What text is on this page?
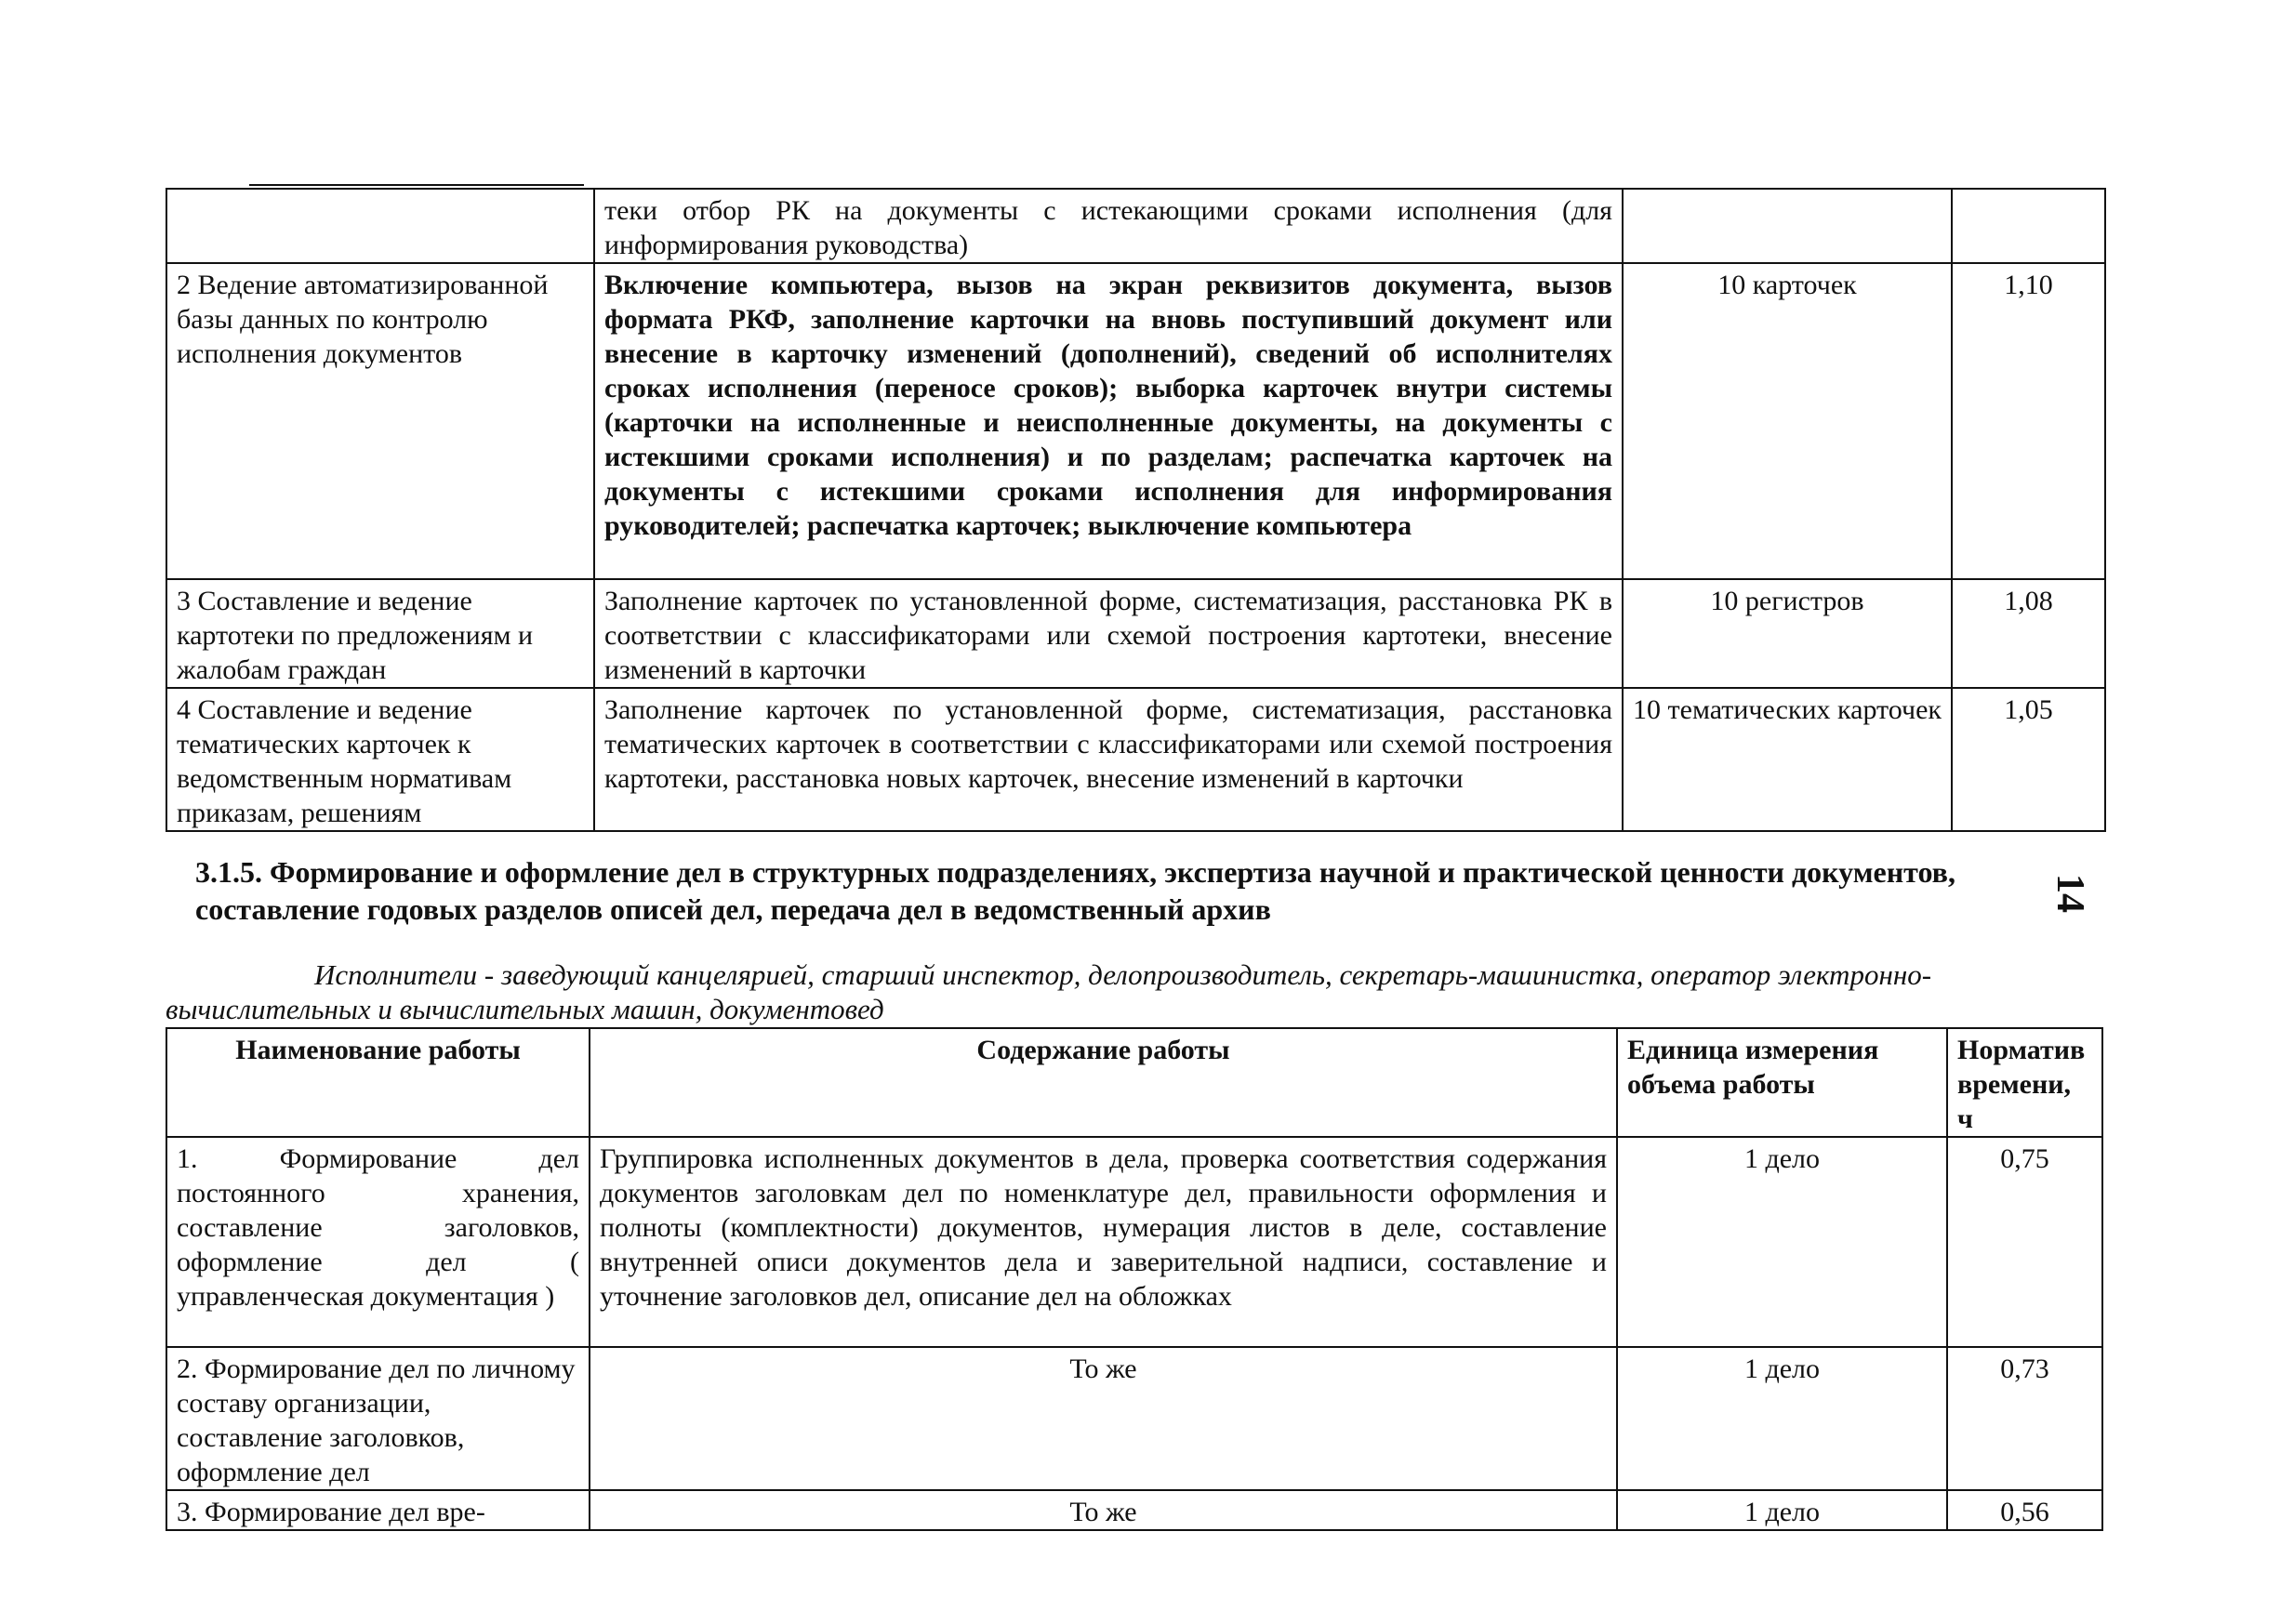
	теки отбор РК на документы с истекающими сроками исполнения (для информирования руководства)		
2 Ведение автоматизированной базы данных по контролю исполнения документов	Включение компьютера, вызов на экран реквизитов документа, вызов формата РКФ, заполнение карточки на вновь поступивший документ или внесение в карточку изменений (дополнений), сведений об исполнителях сроках исполнения (переносе сроков); выборка карточек внутри системы (карточки на исполненные и неисполненные документы, на документы с истекшими сроками исполнения) и по разделам; распечатка карточек на документы с истекшими сроками исполнения для информирования руководителей; распечатка карточек; выключение компьютера	10 карточек	1,10
3 Составление и ведение картотеки по предложениям и жалобам граждан	Заполнение карточек по установленной форме, систематизация, расстановка РК в соответствии с классификаторами или схемой построения картотеки, внесение изменений в карточки	10 регистров	1,08
4 Составление и ведение тематических карточек к ведомственным нормативам приказам, решениям	Заполнение карточек по установленной форме, систематизация, расстановка тематических карточек в соответствии с классификаторами или схемой построения картотеки, расстановка новых карточек, внесение изменений в карточки	10 тематических карточек	1,05
3.1.5. Формирование и оформление дел в структурных подразделениях, экспертиза научной и практической ценности документов, составление годовых разделов описей дел, передача дел в ведомственный архив	14
Исполнители - заведующий канцелярией, старший инспектор, делопроизводитель, секретарь-машинистка, оператор электронно-вычислительных и вычислительных машин, документовед
Наименование работы	Содержание работы	Единица измерения объема работы	Норматив времени, ч
1. Формирование дел постоянного хранения, составление заголовков, оформление дел ( управленческая документация )	Группировка исполненных документов в дела, проверка соответствия содержания документов заголовкам дел по номенклатуре дел, правильности оформления и полноты (комплектности) документов, нумерация листов в деле, составление внутренней описи документов дела и заверительной надписи, составление и уточнение заголовков дел, описание дел на обложках	1 дело	0,75
2. Формирование дел по личному составу организации, составление заголовков, оформление дел	То же	1 дело	0,73
3. Формирование дел вре-	То же	1 дело	0,56
